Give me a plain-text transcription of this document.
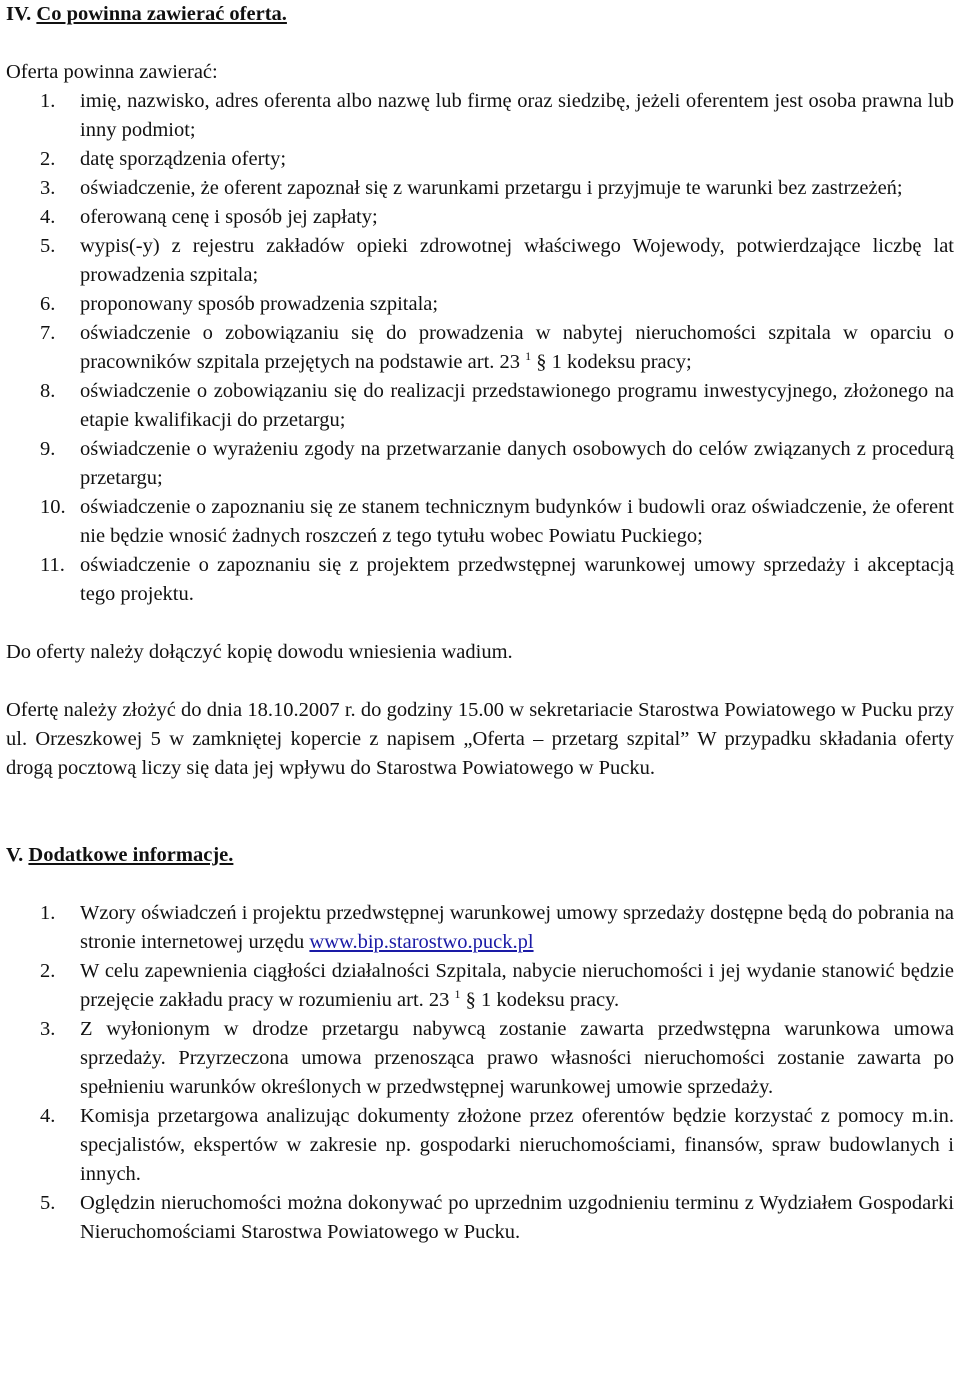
IV. Co powinna zawierać oferta.

Oferta powinna zawierać:

1.	imię, nazwisko, adres oferenta albo nazwę lub firmę oraz siedzibę, jeżeli oferentem jest osoba prawna lub inny podmiot;
2.	datę sporządzenia oferty;
3.	oświadczenie, że oferent zapoznał się z warunkami przetargu i przyjmuje te warunki bez zastrzeżeń;
4.	oferowaną cenę i sposób jej zapłaty;
5.	wypis(-y) z rejestru zakładów opieki zdrowotnej właściwego Wojewody, potwierdzające liczbę lat prowadzenia szpitala;
6.	proponowany sposób prowadzenia szpitala;
7.	oświadczenie o zobowiązaniu się do prowadzenia w nabytej nieruchomości szpitala w oparciu o pracowników szpitala przejętych na podstawie art. 23 $^1$ § 1 kodeksu pracy;
8.	oświadczenie o zobowiązaniu się do realizacji przedstawionego programu inwestycyjnego, złożonego na etapie kwalifikacji do przetargu;
9.	oświadczenie o wyrażeniu zgody na przetwarzanie danych osobowych do celów związanych z procedurą przetargu;
10. oświadczenie o zapoznaniu się ze stanem technicznym budynków i budowli oraz oświadczenie, że oferent nie będzie wnosić żadnych roszczeń z tego tytułu wobec Powiatu Puckiego;
11. oświadczenie o zapoznaniu się z projektem przedwstępnej warunkowej umowy sprzedaży i akceptacją tego projektu.

Do oferty należy dołączyć kopię dowodu wniesienia wadium.

Ofertę należy złożyć do dnia 18.10.2007 r. do godziny 15.00 w sekretariacie Starostwa Powiatowego w Pucku przy ul. Orzeszkowej 5 w zamkniętej kopercie z napisem „Oferta – przetarg szpital” W przypadku składania oferty drogą pocztową liczy się data jej wpływu do Starostwa Powiatowego w Pucku.

V. Dodatkowe informacje.

1.	Wzory oświadczeń i projektu przedwstępnej warunkowej umowy sprzedaży dostępne będą do pobrania na stronie internetowej urzędu www.bip.starostwo.puck.pl
2.	W celu zapewnienia ciągłości działalności Szpitala, nabycie nieruchomości i jej wydanie stanowić będzie przejęcie zakładu pracy w rozumieniu art. 23 $^1$ § 1 kodeksu pracy.
3.	Z wyłonionym w drodze przetargu nabywcą zostanie zawarta przedwstępna warunkowa umowa sprzedaży. Przyrzeczona umowa przenosząca prawo własności nieruchomości zostanie zawarta po spełnieniu warunków określonych w przedwstępnej warunkowej umowie sprzedaży.
4.	Komisja przetargowa analizując dokumenty złożone przez oferentów będzie korzystać z pomocy m.in. specjalistów, ekspertów w zakresie np. gospodarki nieruchomościami, finansów, spraw budowlanych i innych.
5.	Oględzin nieruchomości można dokonywać po uprzednim uzgodnieniu terminu z Wydziałem Gospodarki Nieruchomościami Starostwa Powiatowego w Pucku.
